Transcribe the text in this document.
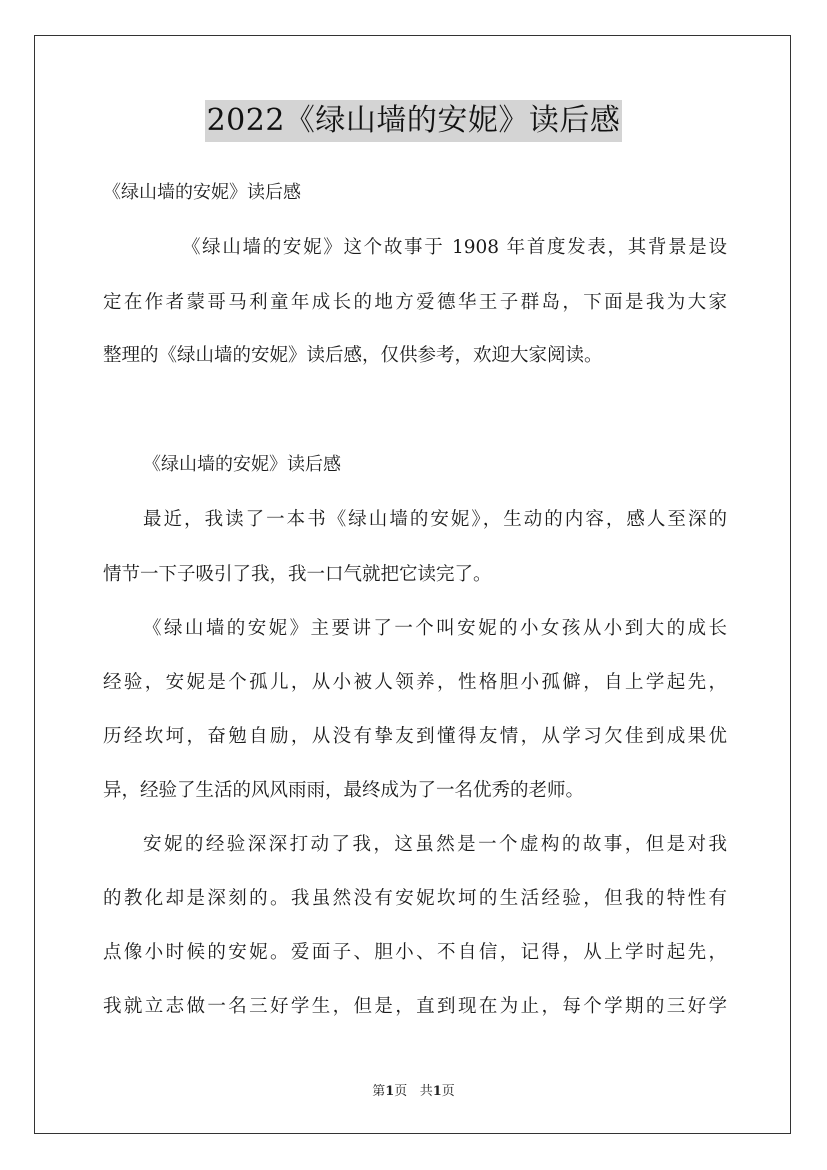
2022《绿山墙的安妮》读后感
《绿山墙的安妮》读后感
《绿山墙的安妮》这个故事于 1908 年首度发表，其背景是设
定在作者蒙哥马利童年成长的地方爱德华王子群岛，下面是我为大家
整理的《绿山墙的安妮》读后感，仅供参考，欢迎大家阅读。
《绿山墙的安妮》读后感
最近，我读了一本书《绿山墙的安妮》，生动的内容，感人至深的
情节一下子吸引了我，我一口气就把它读完了。
《绿山墙的安妮》主要讲了一个叫安妮的小女孩从小到大的成长
经验，安妮是个孤儿，从小被人领养，性格胆小孤僻，自上学起先，
历经坎坷，奋勉自励，从没有挚友到懂得友情，从学习欠佳到成果优
异，经验了生活的风风雨雨，最终成为了一名优秀的老师。
安妮的经验深深打动了我，这虽然是一个虚构的故事，但是对我
的教化却是深刻的。我虽然没有安妮坎坷的生活经验，但我的特性有
点像小时候的安妮。爱面子、胆小、不自信，记得，从上学时起先，
我就立志做一名三好学生，但是，直到现在为止，每个学期的三好学
第1页 共1页
